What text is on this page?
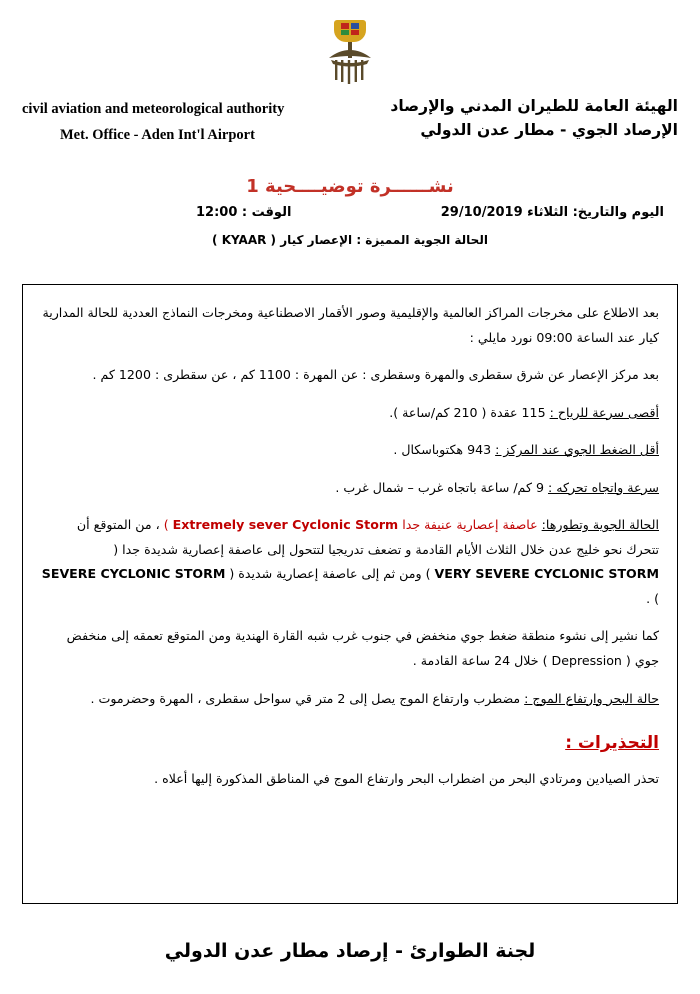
الهيئة العامة للطيران المدني والإرصاد
الإرصاد الجوي - مطار عدن الدولي
civil aviation and meteorological authority
Met. Office - Aden Int'l Airport
نشــــــرة توضيــــحية 1
اليوم والتاريخ: الثلاثاء 29/10/2019
الوقت : 12:00
الحالة الجوية المميزة : الإعصار كيار ( KYAAR )

بعد الاطلاع على مخرجات المراكز العالمية والإقليمية وصور الأقمار الاصطناعية ومخرجات النماذج العددية للحالة المدارية كيار عند الساعة 09:00 نورد مايلي :

بعد مركز الإعصار عن شرق سقطرى والمهرة وسقطرى : عن المهرة : 1100 كم ، عن سقطرى : 1200 كم .

أقصى سرعة للرياح : 115 عقدة ( 210 كم/ساعة ).

أقل الضغط الجوي عند المركز : 943 هكتوباسكال .

سرعة واتجاه تحركه : 9 كم/ ساعة باتجاه غرب – شمال غرب .

الحالة الجوية وتطورها: عاصفة إعصارية عنيفة جدا Extremely sever Cyclonic Storm ) ، من المتوقع أن تتحرك نحو خليج عدن خلال الثلاث الأيام القادمة و تضعف تدريجيا لتتحول إلى عاصفة إعصارية شديدة جدا ( VERY SEVERE CYCLONIC STORM ) ومن ثم إلى عاصفة إعصارية شديدة ( SEVERE CYCLONIC STORM ) .

كما نشير إلى نشوء منطقة ضغط جوي منخفض في جنوب غرب شبه القارة الهندية ومن المتوقع تعمقه إلى منخفض جوي ( Depression ) خلال 24 ساعة القادمة .

حالة البحر وارتفاع الموج : مضطرب وارتفاع الموج يصل إلى 2 متر قي سواحل سقطرى ، المهرة وحضرموت .

التحذيرات :

تحذر الصيادين ومرتادي البحر من اضطراب البحر وارتفاع الموج في المناطق المذكورة إليها أعلاه .

لجنة الطوارئ - إرصاد مطار عدن الدولي
